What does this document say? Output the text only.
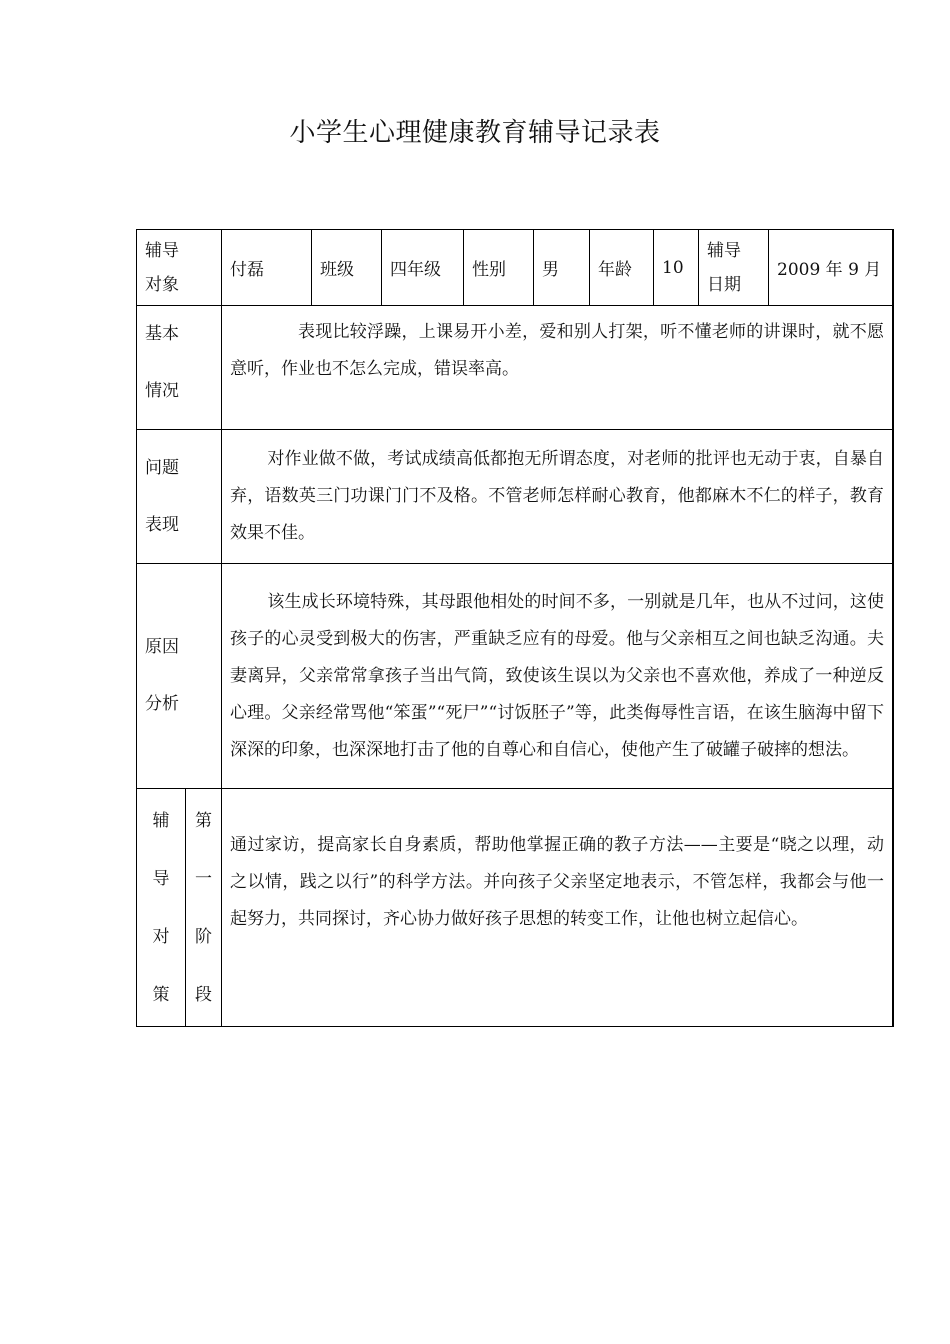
小学生心理健康教育辅导记录表
辅导
对象		付磊	班级	四年级	性别	男	年龄	10	辅导
日期	2009 年 9 月
基本
情况		表现比较浮躁，上课易开小差，爱和别人打架，听不懂老师的讲课时，就不愿意听，作业也不怎么完成，错误率高。								
问题
表现		对作业做不做，考试成绩高低都抱无所谓态度，对老师的批评也无动于衷，自暴自弃，语数英三门功课门门不及格。不管老师怎样耐心教育，他都麻木不仁的样子，教育效果不佳。								
原因
分析		该生成长环境特殊，其母跟他相处的时间不多，一别就是几年，也从不过问，这使孩子的心灵受到极大的伤害，严重缺乏应有的母爱。他与父亲相互之间也缺乏沟通。夫妻离异，父亲常常拿孩子当出气筒，致使该生误以为父亲也不喜欢他，养成了一种逆反心理。父亲经常骂他“笨蛋”“死尸”“讨饭胚子”等，此类侮辱性言语，在该生脑海中留下深深的印象，也深深地打击了他的自尊心和自信心，使他产生了破罐子破摔的想法。								
辅
导
对
策	第
一
阶
段	通过家访，提高家长自身素质，帮助他掌握正确的教子方法——主要是“晓之以理，动之以情，践之以行”的科学方法。并向孩子父亲坚定地表示，不管怎样，我都会与他一起努力，共同探讨，齐心协力做好孩子思想的转变工作，让他也树立起信心。								
